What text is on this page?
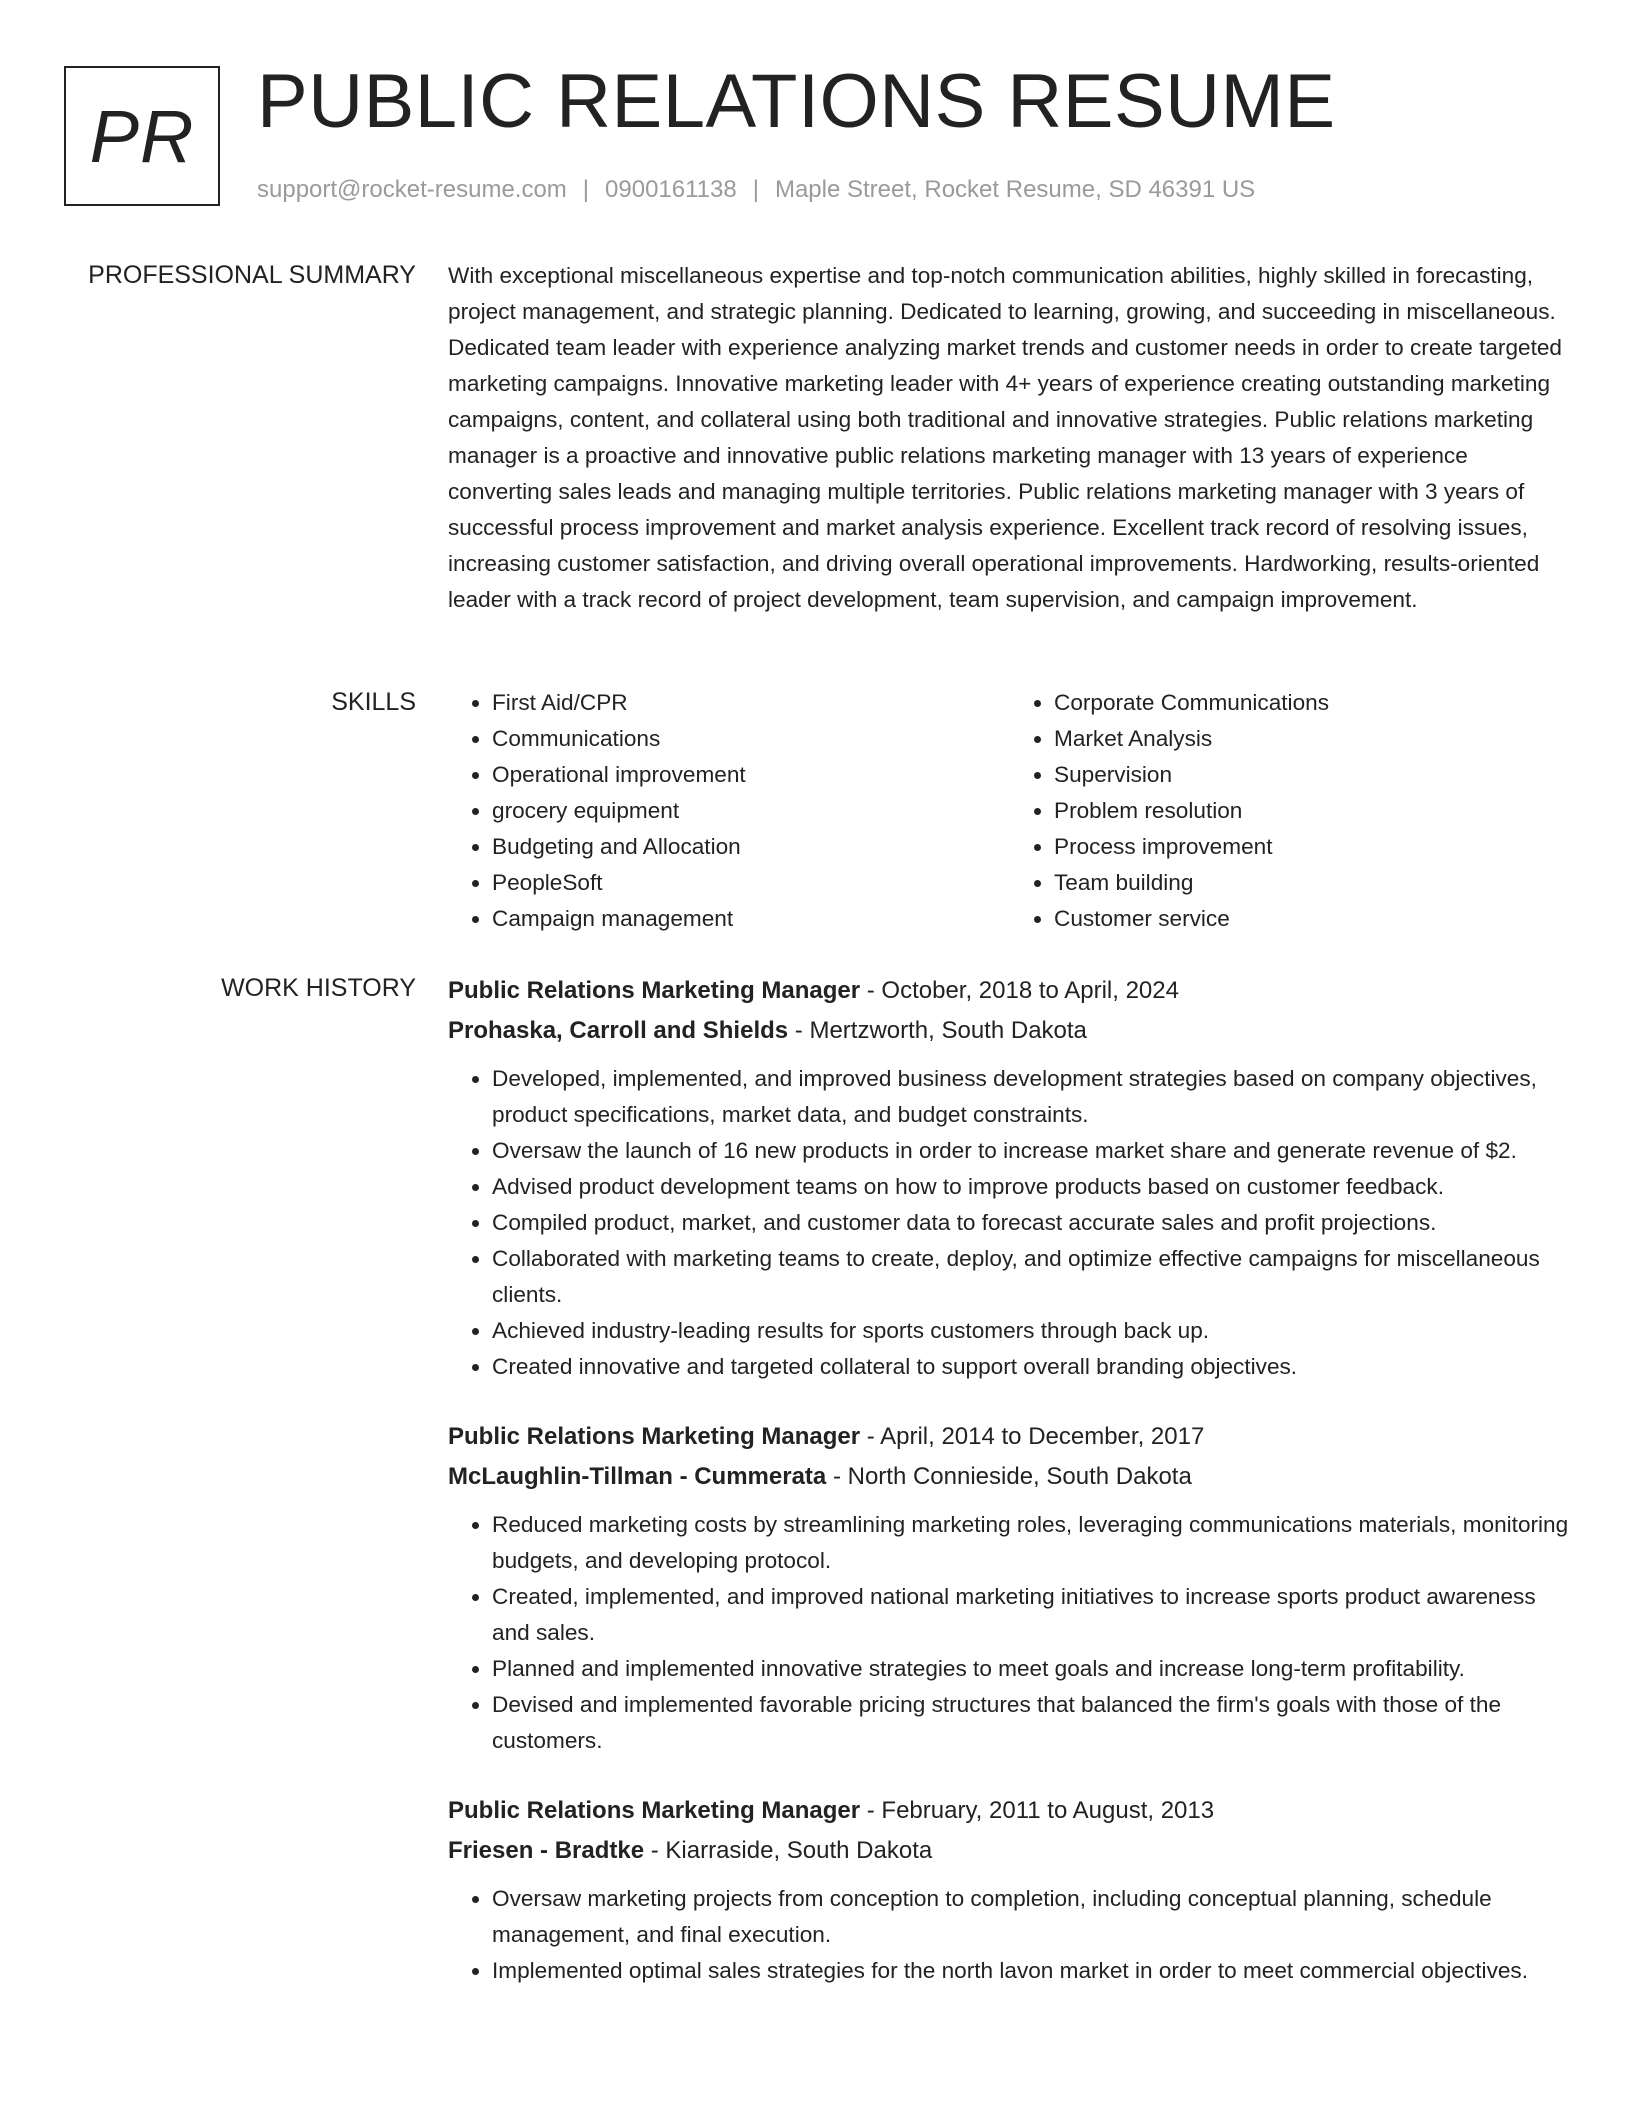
PR PUBLIC RELATIONS RESUME
support@rocket-resume.com | 0900161138 | Maple Street, Rocket Resume, SD 46391 US
PROFESSIONAL SUMMARY With exceptional miscellaneous expertise and top-notch communication abilities, highly skilled in forecasting, project management, and strategic planning. Dedicated to learning, growing, and succeeding in miscellaneous. Dedicated team leader with experience analyzing market trends and customer needs in order to create targeted marketing campaigns. Innovative marketing leader with 4+ years of experience creating outstanding marketing campaigns, content, and collateral using both traditional and innovative strategies. Public relations marketing manager is a proactive and innovative public relations marketing manager with 13 years of experience converting sales leads and managing multiple territories. Public relations marketing manager with 3 years of successful process improvement and market analysis experience. Excellent track record of resolving issues, increasing customer satisfaction, and driving overall operational improvements. Hardworking, results-oriented leader with a track record of project development, team supervision, and campaign improvement.

SKILLS
•	First Aid/CPR
• Communications
• Operational improvement
• grocery equipment
• Budgeting and Allocation
• PeopleSoft
• Campaign management
• Corporate Communications
• Market Analysis
• Supervision
• Problem resolution
• Process improvement
• Team building
• Customer service
WORK HISTORY Public Relations Marketing Manager - October, 2018 to April, 2024
Prohaska, Carroll and Shields - Mertzworth, South Dakota
• Developed, implemented, and improved business development strategies based on company objectives, product specifications, market data, and budget constraints.
• Oversaw the launch of 16 new products in order to increase market share and generate revenue of $2.
• Advised product development teams on how to improve products based on customer feedback.
• Compiled product, market, and customer data to forecast accurate sales and profit projections.
• Collaborated with marketing teams to create, deploy, and optimize effective campaigns for miscellaneous clients.
• Achieved industry-leading results for sports customers through back up.
• Created innovative and targeted collateral to support overall branding objectives.
Public Relations Marketing Manager - April, 2014 to December, 2017
McLaughlin-Tillman - Cummerata - North Connieside, South Dakota
• Reduced marketing costs by streamlining marketing roles, leveraging communications materials, monitoring budgets, and developing protocol.
• Created, implemented, and improved national marketing initiatives to increase sports product awareness and sales.
• Planned and implemented innovative strategies to meet goals and increase long-term profitability.
• Devised and implemented favorable pricing structures that balanced the firm's goals with those of the customers.
Public Relations Marketing Manager - February, 2011 to August, 2013
Friesen - Bradtke - Kiarraside, South Dakota
• Oversaw marketing projects from conception to completion, including conceptual planning, schedule management, and final execution.
• Implemented optimal sales strategies for the north lavon market in order to meet commercial objectives.
